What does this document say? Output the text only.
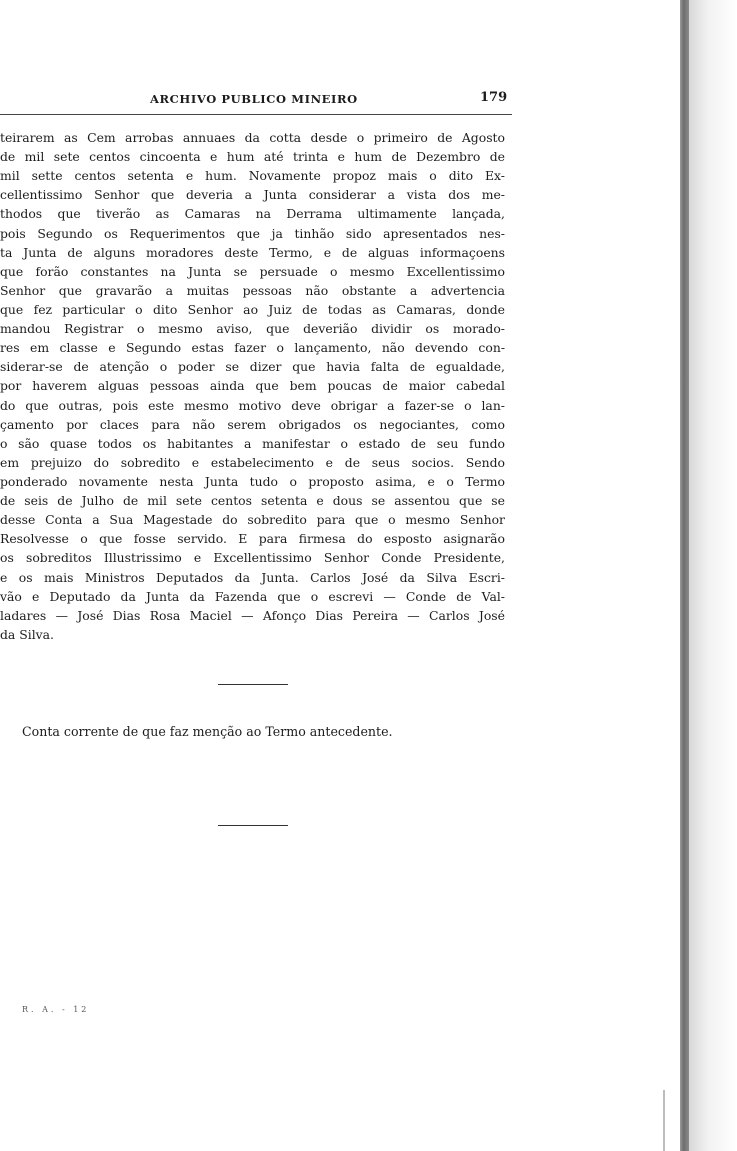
ARCHIVO PUBLICO MINEIRO	179
teirarem as Cem arrobas annuaes da cotta desde o primeiro de Agosto
de mil sete centos cincoenta e hum até trinta e hum de Dezembro de
mil sette centos setenta e hum. Novamente propoz mais o dito Ex-
cellentissimo Senhor que deveria a Junta considerar a vista dos me-
thodos que tiverão as Camaras na Derrama ultimamente lançada,
pois Segundo os Requerimentos que ja tinhão sido apresentados nes-
ta Junta de alguns moradores deste Termo, e de alguas informaçoens
que forão constantes na Junta se persuade o mesmo Excellentissimo
Senhor que gravarão a muitas pessoas não obstante a advertencia
que fez particular o dito Senhor ao Juiz de todas as Camaras, donde
mandou Registrar o mesmo aviso, que deverião dividir os morado-
res em classe e Segundo estas fazer o lançamento, não devendo con-
siderar-se de atenção o poder se dizer que havia falta de egualdade,
por haverem alguas pessoas ainda que bem poucas de maior cabedal
do que outras, pois este mesmo motivo deve obrigar a fazer-se o lan-
çamento por claces para não serem obrigados os negociantes, como
o são quase todos os habitantes a manifestar o estado de seu fundo
em prejuizo do sobredito e estabelecimento e de seus socios. Sendo
ponderado novamente nesta Junta tudo o proposto asima, e o Termo
de seis de Julho de mil sete centos setenta e dous se assentou que se
desse Conta a Sua Magestade do sobredito para que o mesmo Senhor
Resolvesse o que fosse servido. E para firmesa do esposto asignarão
os sobreditos Illustrissimo e Excellentissimo Senhor Conde Presidente,
e os mais Ministros Deputados da Junta. Carlos José da Silva Escri-
vão e Deputado da Junta da Fazenda que o escrevi — Conde de Val-
ladares — José Dias Rosa Maciel — Afonço Dias Pereira — Carlos José
da Silva.
Conta corrente de que faz menção ao Termo antecedente.
R. A. - 12
